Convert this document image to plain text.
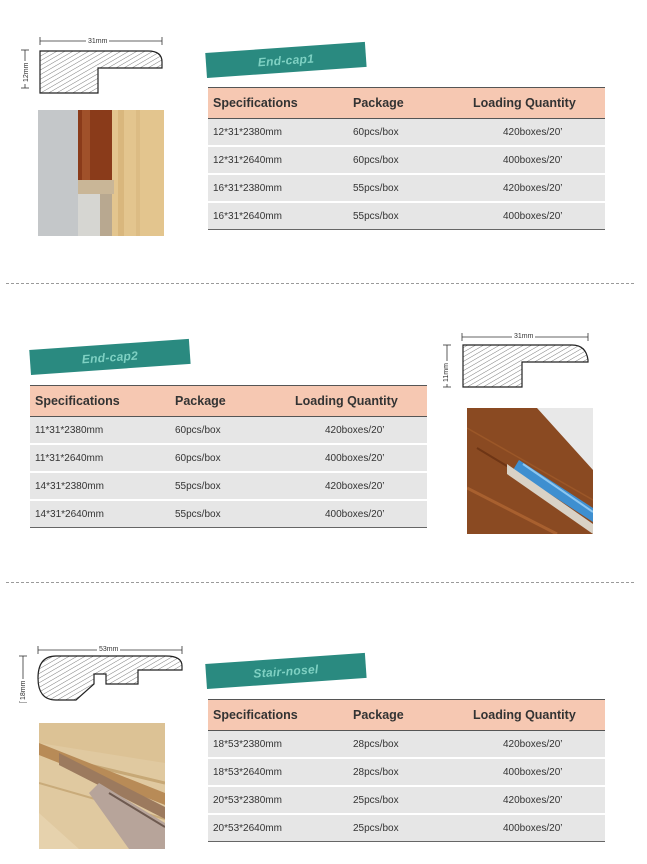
31mm
12mm
End-cap1
Specifications	Package	Loading Quantity
12*31*2380mm	60pcs/box	420boxes/20’
12*31*2640mm	60pcs/box	400boxes/20’
16*31*2380mm	55pcs/box	420boxes/20’
16*31*2640mm	55pcs/box	400boxes/20’
End-cap2
Specifications	Package	Loading Quantity
11*31*2380mm	60pcs/box	420boxes/20’
11*31*2640mm	60pcs/box	400boxes/20’
14*31*2380mm	55pcs/box	420boxes/20’
14*31*2640mm	55pcs/box	400boxes/20’
31mm
11mm
53mm
18mm
Stair-nosel
Specifications	Package	Loading Quantity
18*53*2380mm	28pcs/box	420boxes/20’
18*53*2640mm	28pcs/box	400boxes/20’
20*53*2380mm	25pcs/box	420boxes/20’
20*53*2640mm	25pcs/box	400boxes/20’
